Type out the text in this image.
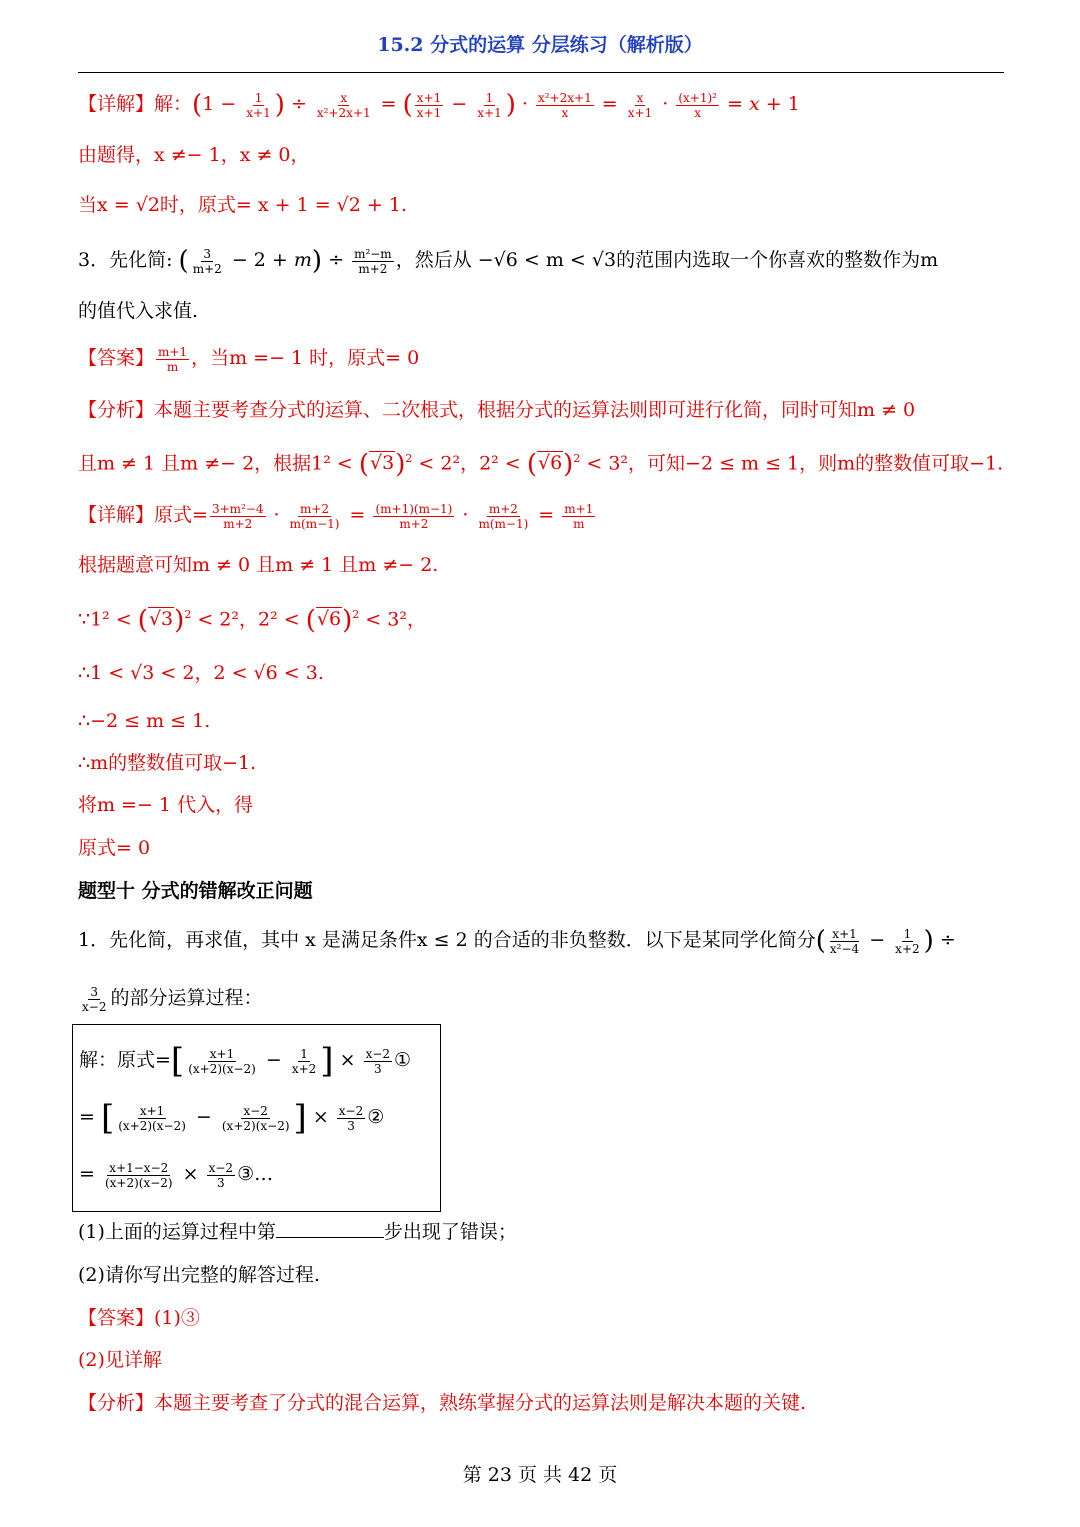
15.2 分式的运算 分层练习（解析版）
【详解】解：($1 - \frac{1}{x+1}$ ) ÷ $\frac{x}{\text{x²+2x+1}}$ = ( $\frac{x+1}{x+1} - \frac{1}{x+1}$ ) · $\frac{\text{x²+2x+1}}{x} = \frac{x}{x+1} \cdot \frac{\text{(x+1)²}}{x} = x + 1$
由题得，x ≠− 1，x ≠ 0，
当x = √2时，原式= x + 1 = √2 + 1.
3．先化简: ( $\frac{3}{m+2} - 2 + m) \div \frac{\text{m²−m}}{m+2}$ ，然后从 −√6 < m < √3的范围内选取一个你喜欢的整数作为m
的值代入求值.
【答案】 $\frac{m+1}{m}$ ，当m =− 1 时，原式= 0
【分析】本题主要考查分式的运算、二次根式，根据分式的运算法则即可进行化简，同时可知m ≠ 0
且m ≠ 1 且m ≠− 2，根据$1^2 < (√3)^2 < 2^2$，$2^2 < (√6)^2 < 3^2$，可知−2 ≤ m ≤ 1，则m的整数值可取−1.
【详解】原式= $\frac{\text{3+m²−4}}{m+2} \cdot \frac{m+2}{m(m-1)} = \frac{(m+1)(m-1)}{m+2} \cdot \frac{m+2}{m(m-1)} = \frac{m+1}{m}$
根据题意可知m ≠ 0 且m ≠ 1 且m ≠− 2.
∵1² < $(√3)^2 < 2^2$，$2^2 < (√6)^2 < 3^2$，
∴1 < √3 < 2，2 < √6 < 3.
∴−2 ≤ m ≤ 1.
∴m的整数值可取−1.
将m =− 1 代入，得
原式= 0
题型十 分式的错解改正问题
1．先化简，再求值，其中 x 是满足条件x ≤ 2 的合适的非负整数．以下是某同学化简分( $\frac{x+1}{\text{x²−4}} - \frac{1}{x+2}$ ) ÷
$\frac{3}{x-2}$ 的部分运算过程：
解：原式=[ $\frac{x+1}{(x+2)(x-2)} - \frac{1}{x+2}$ ] × $\frac{x-2}{3}$ ①
= [ $\frac{x+1}{(x+2)(x-2)} - \frac{x-2}{(x+2)(x-2)}$ ] × $\frac{x-2}{3}$ ②
= $\frac{x+1-x-2}{(x+2)(x-2)} \times \frac{x-2}{3}$ ③…
(1)上面的运算过程中第	步出现了错误；
(2)请你写出完整的解答过程.
【答案】(1)③
(2)见详解
【分析】本题主要考查了分式的混合运算，熟练掌握分式的运算法则是解决本题的关键.
第 23 页 共 42 页
